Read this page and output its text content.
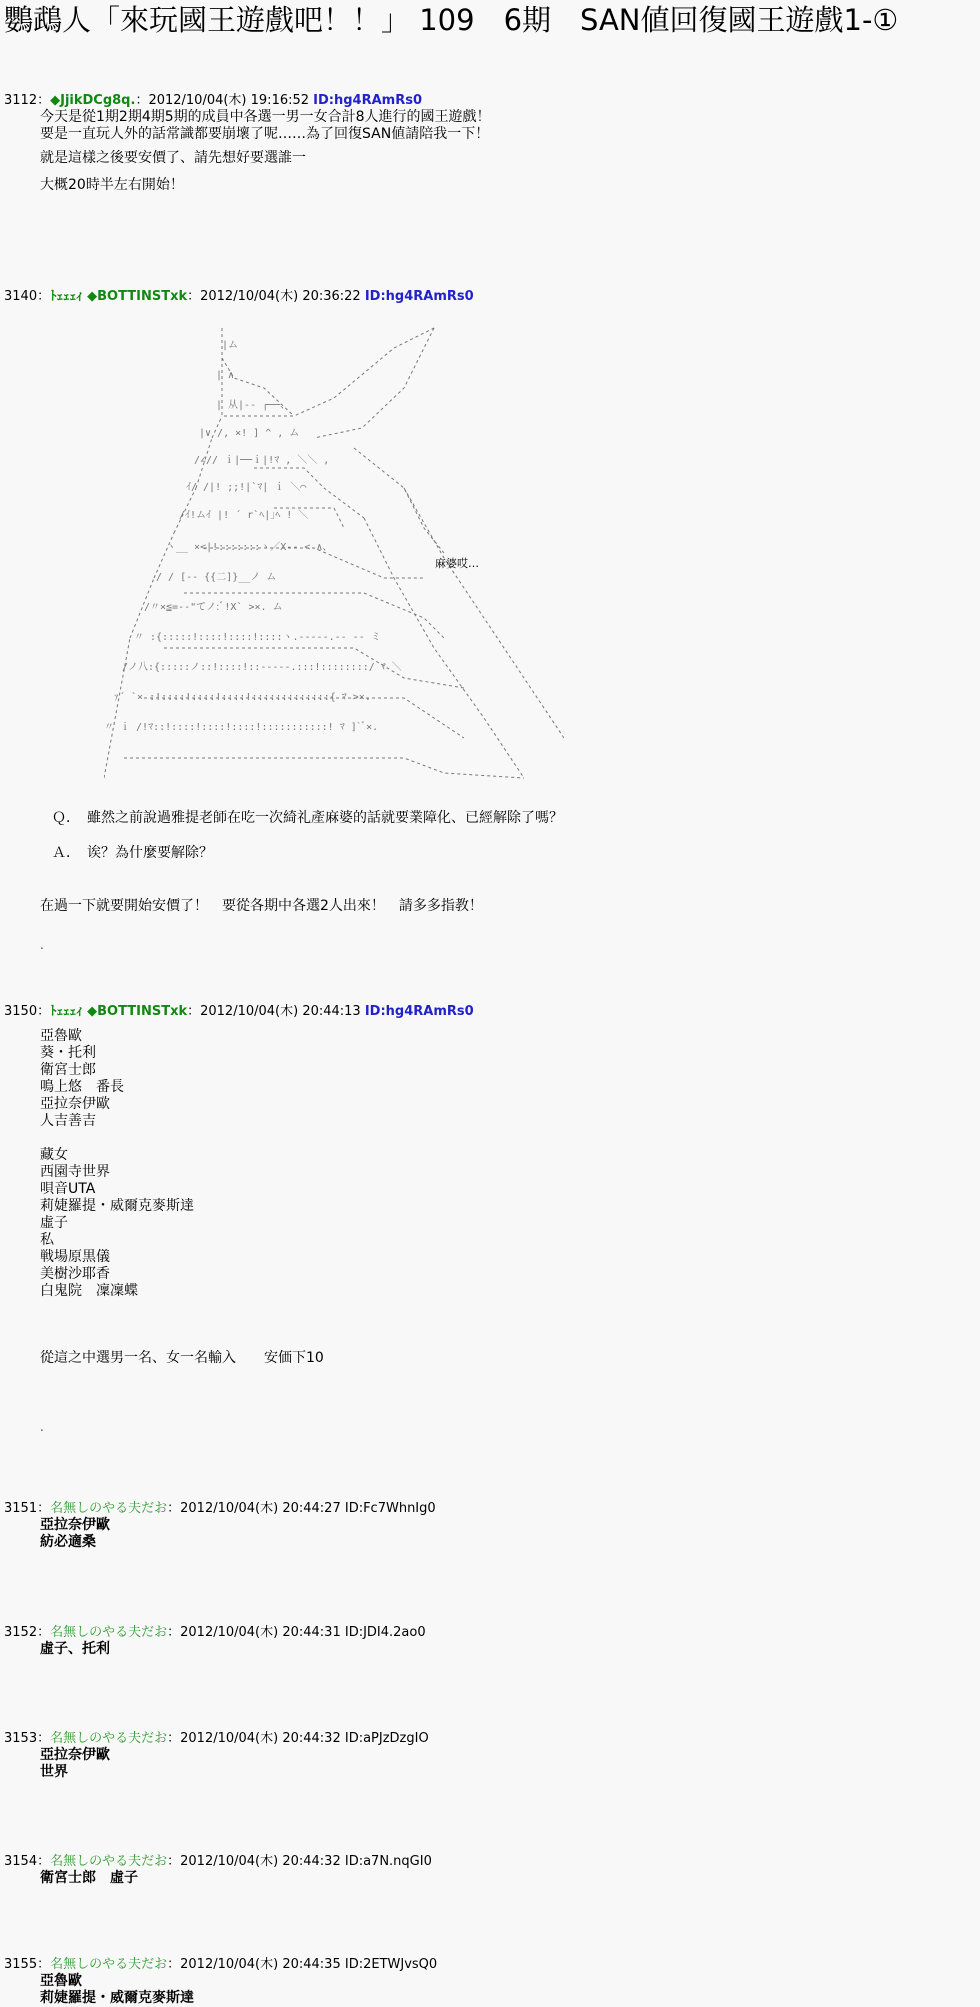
鸚鵡人「來玩國王遊戲吧！！」 109　6期　SAN値回復國王遊戲1-①
3112：◆JjikDCg8q.：2012/10/04(木) 19:16:52 ID:hg4RAmRs0
今天是從1期2期4期5期的成員中各選一男一女合計8人進行的國王遊戲！
要是一直玩人外的話常識都要崩壞了呢……為了回復SAN値請陪我一下！
就是這樣之後要安價了、請先想好要選誰一
大概20時半左右開始！
3140：ﾄｪｪｪｨ ◆BOTTINSTxk：2012/10/04(木) 20:36:22 ID:hg4RAmRs0
|ム
| ∧
| 从|-- ┌──、
|∨ /, ×! ] ^ , ム
/∠// ｉ|──ｉ|!ﾏ , ＼＼ ,
ｲ/ /|! ;;!|`ﾏ| ｉ ＼⌒
/ｲ!ムｲ |! ´ r`ﾍ|｣ﾍ ! ＼
ヽ__ ×<|!:::::::ヽ／X-- < ∧、
/ / [-- {{二]}__ノ ム
/〃×≦=--"てノ:ﾞ!X` >×. ム
〃 :{:::::!::::!::::!::::ヽ.-----.-- -- ミ
/ノ八:{:::::ノ::!::::!::-----.:::!::::::::/ ﾏ ＼
ｧ´ `× :!::::!::::!::::!:::::::::::::{ ﾏ >×.
〃 ｉ /!ﾏ::!::::!::::!::::!:::::::::::! ﾏ ]`ﾞ×.
麻婆哎…
Ｑ．　雖然之前說過雅提老師在吃一次綺礼產麻婆的話就要業障化、已經解除了嗎？
Ａ．　诶？為什麼要解除？
在過一下就要開始安價了！　要從各期中各選2人出來！　請多多指教！
.
3150：ﾄｪｪｪｨ ◆BOTTINSTxk：2012/10/04(木) 20:44:13 ID:hg4RAmRs0
亞魯歐
葵・托利
衛宮士郎
鳴上悠　番長
亞拉奈伊歐
人吉善吉
藏女
西園寺世界
唄音UTA
莉婕羅提・威爾克麥斯達
虛子
私
戦場原黒儀
美樹沙耶香
白鬼院　凜凜蝶
從這之中選男一名、女一名輸入　　安価下10
.
3151：名無しのやる夫だお：2012/10/04(木) 20:44:27 ID:Fc7WhnIg0
亞拉奈伊歐
紡必適桑
3152：名無しのやる夫だお：2012/10/04(木) 20:44:31 ID:JDI4.2ao0
虛子、托利
3153：名無しのやる夫だお：2012/10/04(木) 20:44:32 ID:aPJzDzgIO
亞拉奈伊歐
世界
3154：名無しのやる夫だお：2012/10/04(木) 20:44:32 ID:a7N.nqGI0
衛宮士郎　虛子
3155：名無しのやる夫だお：2012/10/04(木) 20:44:35 ID:2ETWJvsQ0
亞魯歐
莉婕羅提・威爾克麥斯達
